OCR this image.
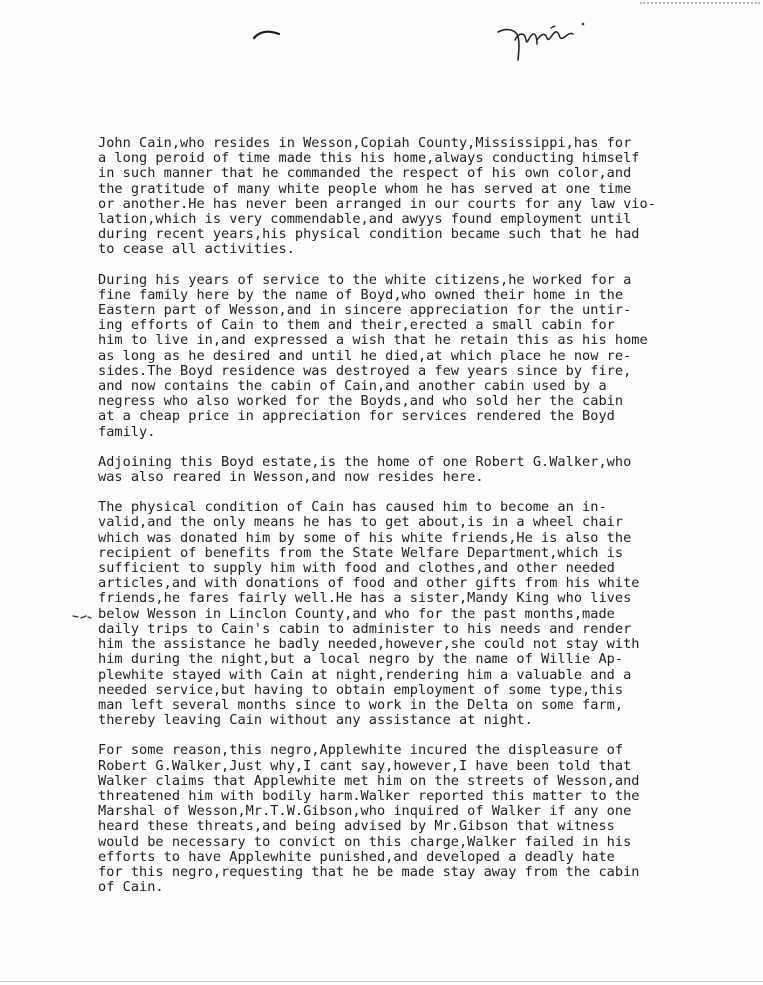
John Cain,who resides in Wesson,Copiah County,Mississippi,has for
a long peroid of time made this his home,always conducting himself
in such manner that he commanded the respect of his own color,and
the gratitude of many white people whom he has served at one time
or another.He has never been arranged in our courts for any law vio-
lation,which is very commendable,and awyys found employment until
during recent years,his physical condition became such that he had
to cease all activities.
During his years of service to the white citizens,he worked for a
fine family here by the name of Boyd,who owned their home in the
Eastern part of Wesson,and in sincere appreciation for the untir-
ing efforts of Cain to them and their,erected a small cabin for
him to live in,and expressed a wish that he retain this as his home
as long as he desired and until he died,at which place he now re-
sides.The Boyd residence was destroyed a few years since by fire,
and now contains the cabin of Cain,and another cabin used by a
negress who also worked for the Boyds,and who sold her the cabin
at a cheap price in appreciation for services rendered the Boyd
family.
Adjoining this Boyd estate,is the home of one Robert G.Walker,who
was also reared in Wesson,and now resides here.
The physical condition of Cain has caused him to become an in-
valid,and the only means he has to get about,is in a wheel chair
which was donated him by some of his white friends,He is also the
recipient of benefits from the State Welfare Department,which is
sufficient to supply him with food and clothes,and other needed
articles,and with donations of food and other gifts from his white
friends,he fares fairly well.He has a sister,Mandy King who lives
below Wesson in Linclon County,and who for the past months,made
daily trips to Cain's cabin to administer to his needs and render
him the assistance he badly needed,however,she could not stay with
him during the night,but a local negro by the name of Willie Ap-
plewhite stayed with Cain at night,rendering him a valuable and a
needed service,but having to obtain employment of some type,this
man left several months since to work in the Delta on some farm,
thereby leaving Cain without any assistance at night.
For some reason,this negro,Applewhite incured the displeasure of
Robert G.Walker,Just why,I cant say,however,I have been told that
Walker claims that Applewhite met him on the streets of Wesson,and
threatened him with bodily harm.Walker reported this matter to the
Marshal of Wesson,Mr.T.W.Gibson,who inquired of Walker if any one
heard these threats,and being advised by Mr.Gibson that witness
would be necessary to convict on this charge,Walker failed in his
efforts to have Applewhite punished,and developed a deadly hate
for this negro,requesting that he be made stay away from the cabin
of Cain.
